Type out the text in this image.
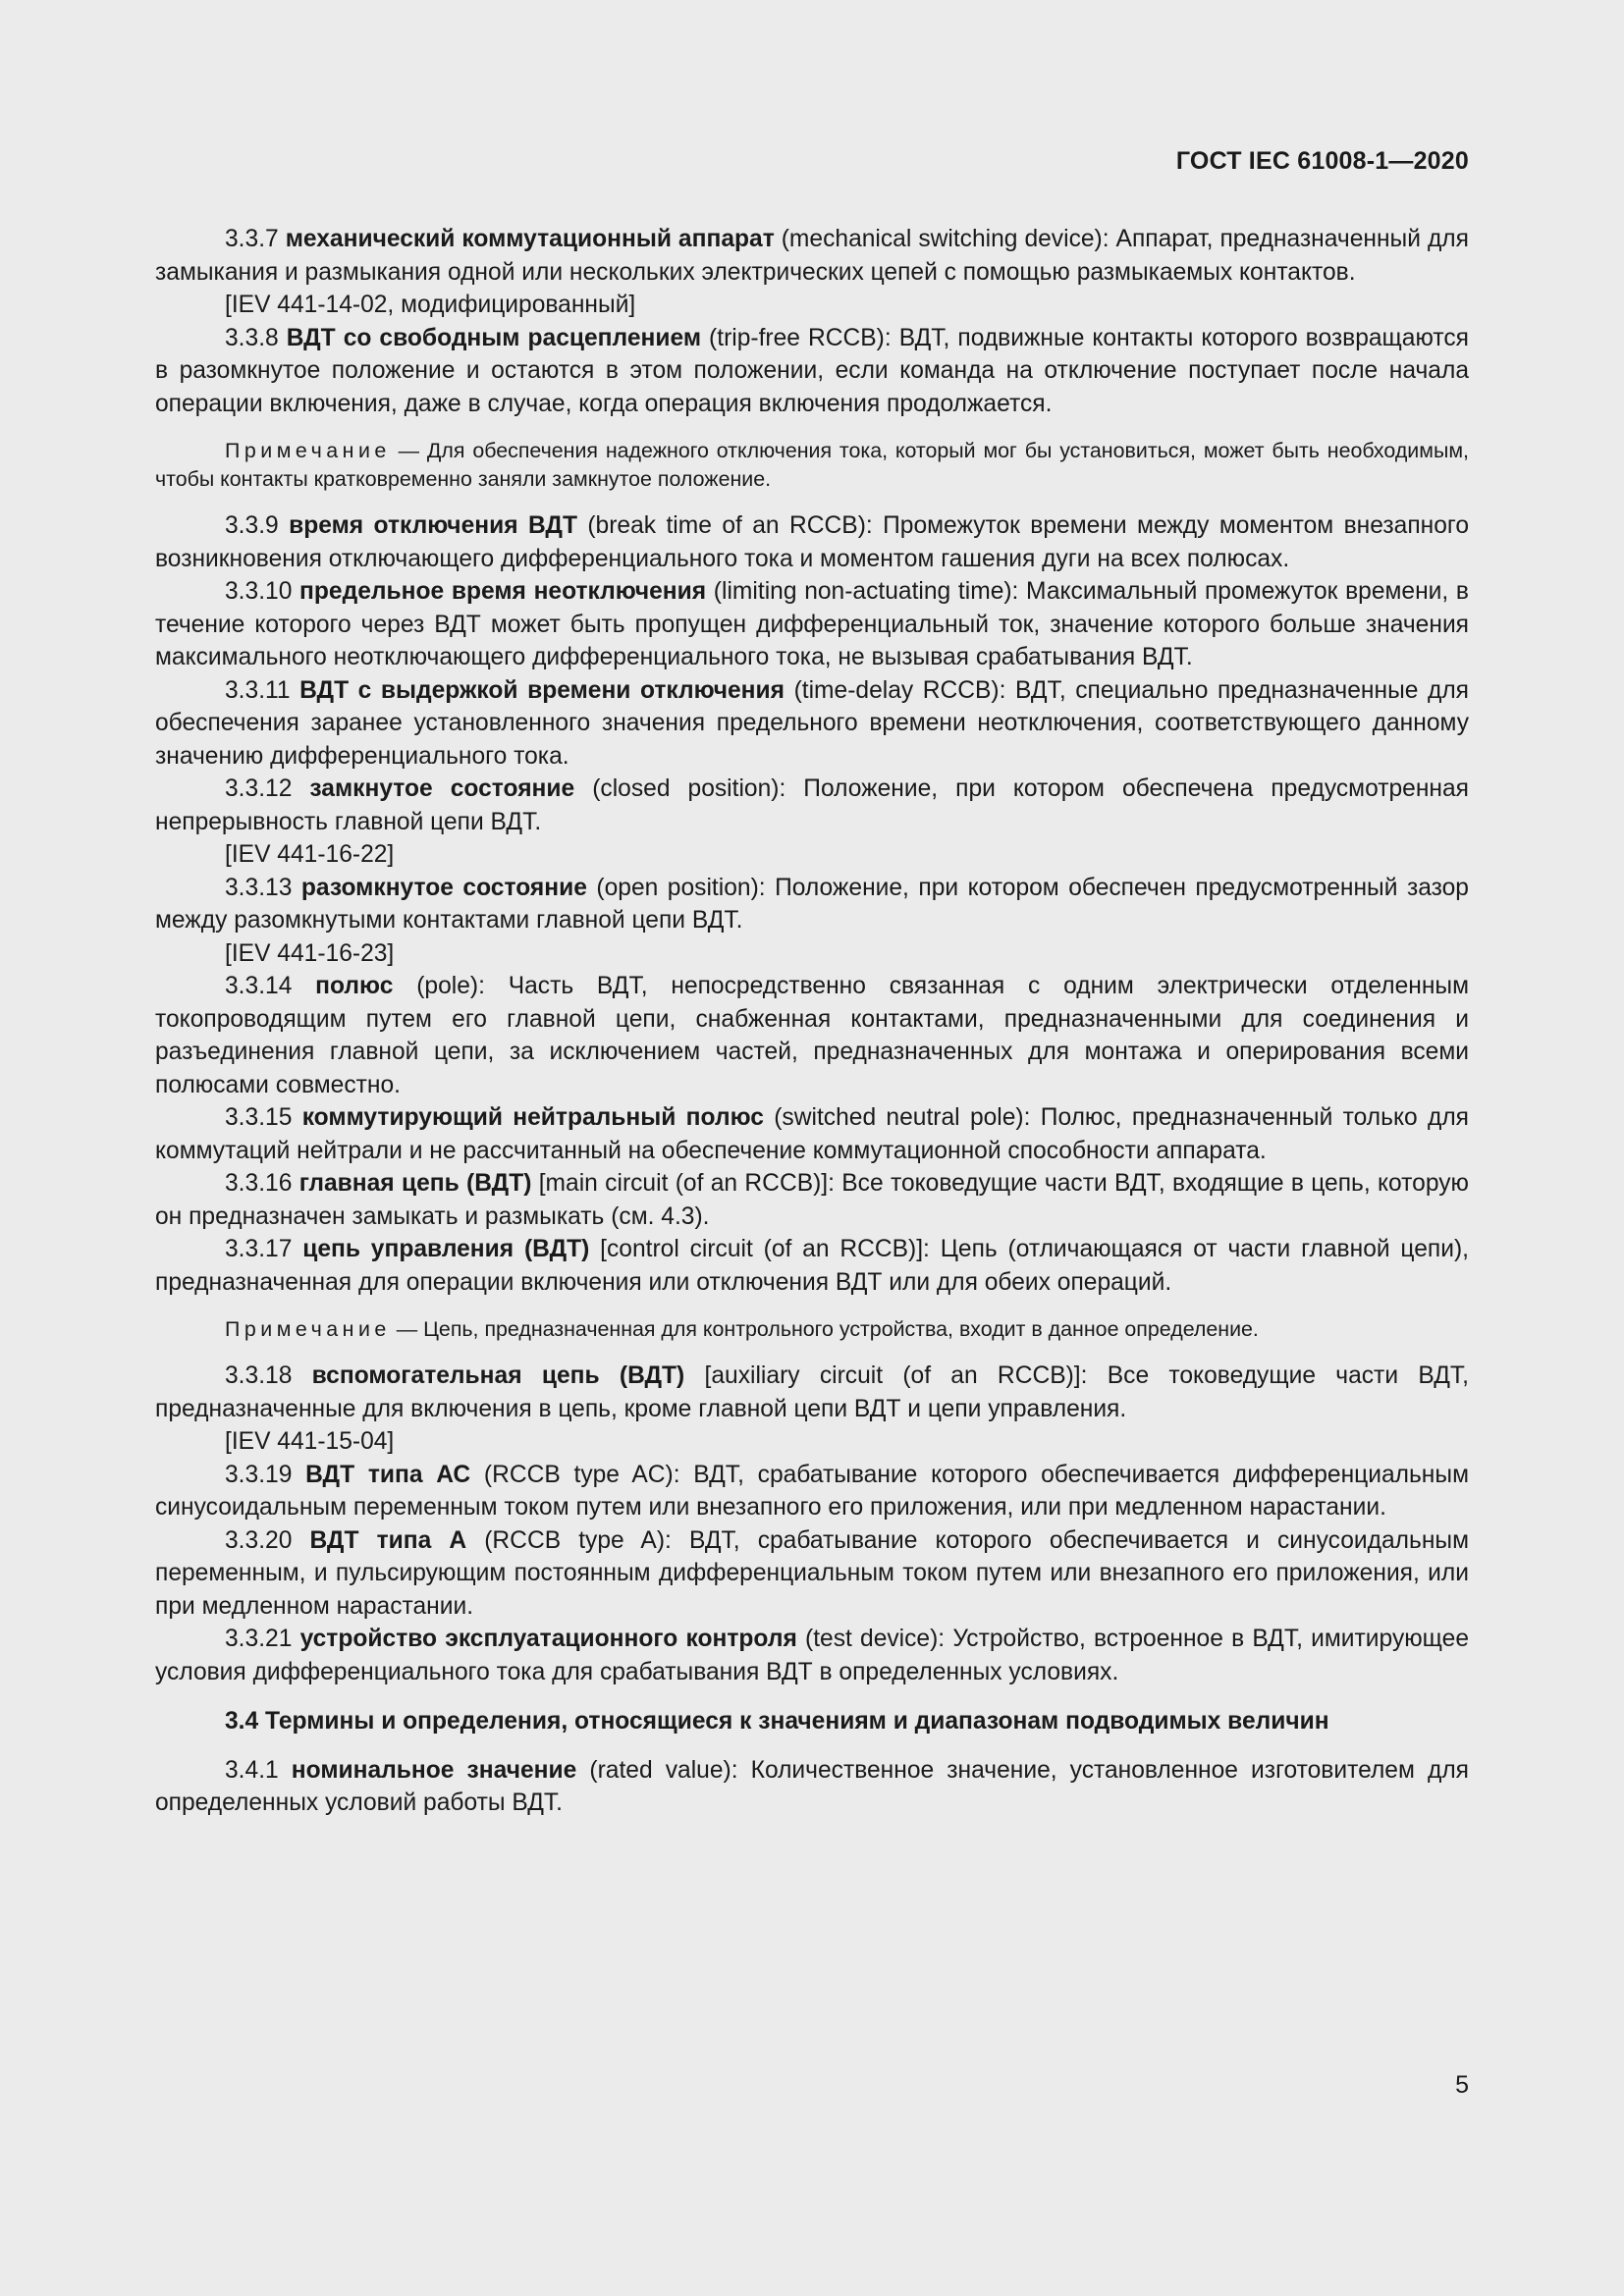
ГОСТ IEC 61008-1—2020

3.3.7 механический коммутационный аппарат (mechanical switching device): Аппарат, предназначенный для замыкания и размыкания одной или нескольких электрических цепей с помощью размыкаемых контактов.

[IEV 441-14-02, модифицированный]

3.3.8 ВДТ со свободным расцеплением (trip-free RCCB): ВДТ, подвижные контакты которого возвращаются в разомкнутое положение и остаются в этом положении, если команда на отключение поступает после начала операции включения, даже в случае, когда операция включения продолжается.

Примечание — Для обеспечения надежного отключения тока, который мог бы установиться, может быть необходимым, чтобы контакты кратковременно заняли замкнутое положение.

3.3.9 время отключения ВДТ (break time of an RCCB): Промежуток времени между моментом внезапного возникновения отключающего дифференциального тока и моментом гашения дуги на всех полюсах.

3.3.10 предельное время неотключения (limiting non-actuating time): Максимальный промежуток времени, в течение которого через ВДТ может быть пропущен дифференциальный ток, значение которого больше значения максимального неотключающего дифференциального тока, не вызывая срабатывания ВДТ.

3.3.11 ВДТ с выдержкой времени отключения (time-delay RCCB): ВДТ, специально предназначенные для обеспечения заранее установленного значения предельного времени неотключения, соответствующего данному значению дифференциального тока.

3.3.12 замкнутое состояние (closed position): Положение, при котором обеспечена предусмотренная непрерывность главной цепи ВДТ.

[IEV 441-16-22]

3.3.13 разомкнутое состояние (open position): Положение, при котором обеспечен предусмотренный зазор между разомкнутыми контактами главной цепи ВДТ.

[IEV 441-16-23]

3.3.14 полюс (pole): Часть ВДТ, непосредственно связанная с одним электрически отделенным токопроводящим путем его главной цепи, снабженная контактами, предназначенными для соединения и разъединения главной цепи, за исключением частей, предназначенных для монтажа и оперирования всеми полюсами совместно.

3.3.15 коммутирующий нейтральный полюс (switched neutral pole): Полюс, предназначенный только для коммутаций нейтрали и не рассчитанный на обеспечение коммутационной способности аппарата.

3.3.16 главная цепь (ВДТ) [main circuit (of an RCCB)]: Все токоведущие части ВДТ, входящие в цепь, которую он предназначен замыкать и размыкать (см. 4.3).

3.3.17 цепь управления (ВДТ) [control circuit (of an RCCB)]: Цепь (отличающаяся от части главной цепи), предназначенная для операции включения или отключения ВДТ или для обеих операций.

Примечание — Цепь, предназначенная для контрольного устройства, входит в данное определение.

3.3.18 вспомогательная цепь (ВДТ) [auxiliary circuit (of an RCCB)]: Все токоведущие части ВДТ, предназначенные для включения в цепь, кроме главной цепи ВДТ и цепи управления.

[IEV 441-15-04]

3.3.19 ВДТ типа АС (RCCB type AC): ВДТ, срабатывание которого обеспечивается дифференциальным синусоидальным переменным током путем или внезапного его приложения, или при медленном нарастании.

3.3.20 ВДТ типа А (RCCB type A): ВДТ, срабатывание которого обеспечивается и синусоидальным переменным, и пульсирующим постоянным дифференциальным током путем или внезапного его приложения, или при медленном нарастании.

3.3.21 устройство эксплуатационного контроля (test device): Устройство, встроенное в ВДТ, имитирующее условия дифференциального тока для срабатывания ВДТ в определенных условиях.

3.4 Термины и определения, относящиеся к значениям и диапазонам подводимых величин

3.4.1 номинальное значение (rated value): Количественное значение, установленное изготовителем для определенных условий работы ВДТ.

5
